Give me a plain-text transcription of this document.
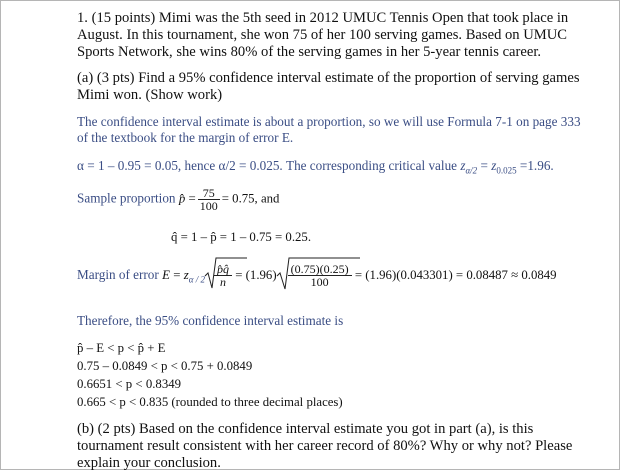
1. (15 points) Mimi was the 5th seed in 2012 UMUC Tennis Open that took place in
August. In this tournament, she won 75 of her 100 serving games. Based on UMUC
Sports Network, she wins 80% of the serving games in her 5-year tennis career.
(a) (3 pts) Find a 95% confidence interval estimate of the proportion of serving games
Mimi won. (Show work)
The confidence interval estimate is about a proportion, so we will use Formula 7-1 on page 333
of the textbook for the margin of error E.
α = 1 – 0.95 = 0.05, hence α/2 = 0.025. The corresponding critical value $z_{\alpha/2} = z_{0.025} =1.96$.
Sample proportion p̂ = $\frac{75}{100} = 0.75$, and
q̂ = 1 – p̂ = 1 – 0.75 = 0.25.
Margin of error $E = z_{\alpha / 2} \frac{p̂q̂}{n} = (1.96) \frac{(0.75)(0.25)}{100} = (1.96)(0.043301) = 0.08487 \approx 0.0849$
Therefore, the 95% confidence interval estimate is
p̂ – E < p < p̂ + E
0.75 – 0.0849 < p < 0.75 + 0.0849
0.6651 < p < 0.8349
0.665 < p < 0.835 (rounded to three decimal places)
(b) (2 pts) Based on the confidence interval estimate you got in part (a), is this
tournament result consistent with her career record of 80%? Why or why not? Please
explain your conclusion.
